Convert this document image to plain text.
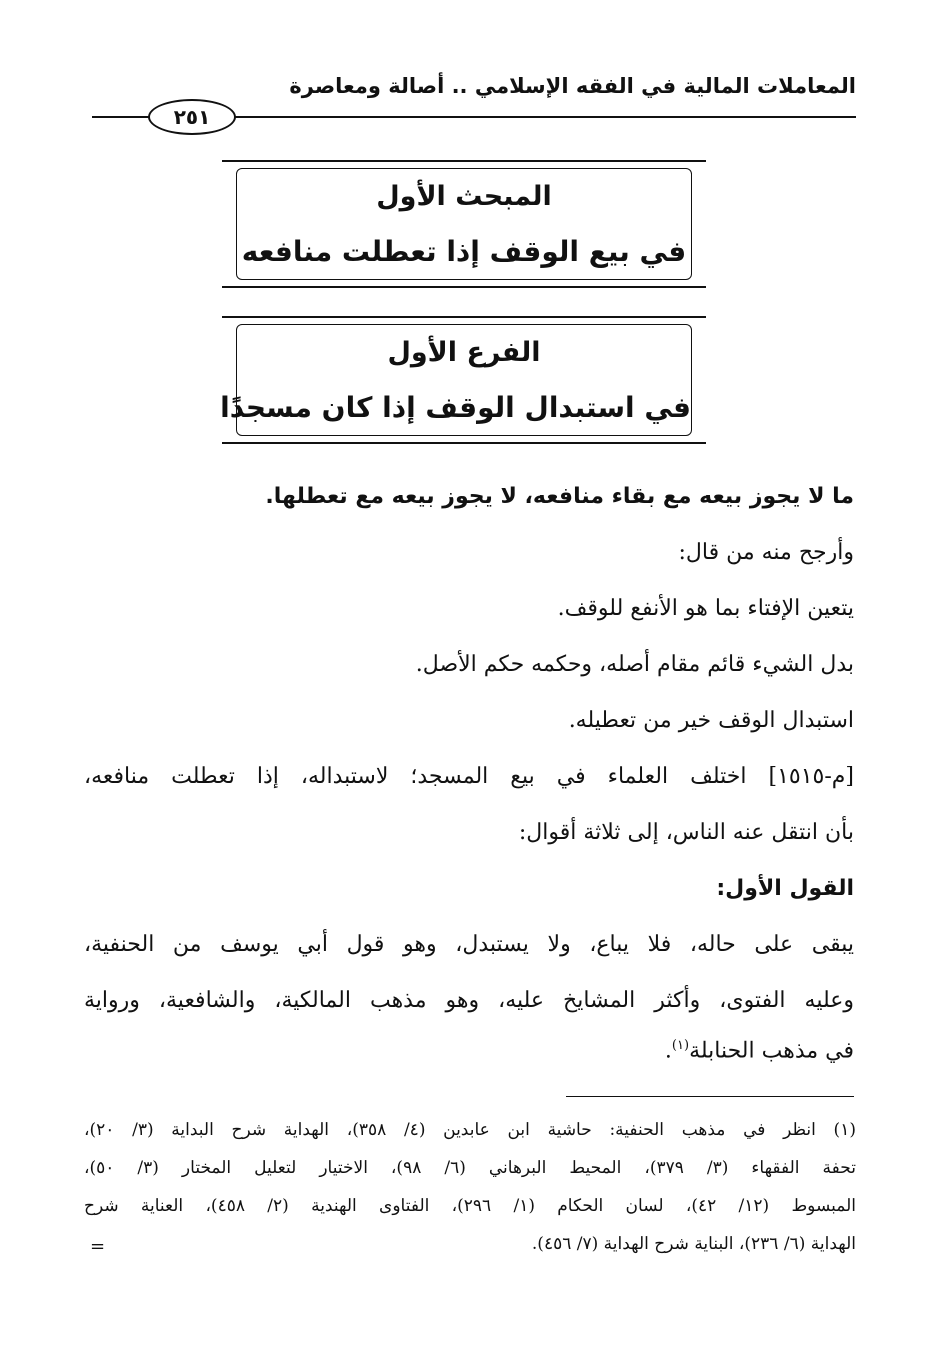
المعاملات المالية في الفقه الإسلامي .. أصالة ومعاصرة
٢٥١
المبحث الأول
في بيع الوقف إذا تعطلت منافعه
الفرع الأول
في استبدال الوقف إذا كان مسجدًا
ما لا يجوز بيعه مع بقاء منافعه، لا يجوز بيعه مع تعطلها.
وأرجح منه من قال:
يتعين الإفتاء بما هو الأنفع للوقف.
بدل الشيء قائم مقام أصله، وحكمه حكم الأصل.
استبدال الوقف خير من تعطيله.
[م-١٥١٥] اختلف العلماء في بيع المسجد؛ لاستبداله، إذا تعطلت منافعه،
بأن انتقل عنه الناس، إلى ثلاثة أقوال:
القول الأول:
يبقى على حاله، فلا يباع، ولا يستبدل، وهو قول أبي يوسف من الحنفية،
وعليه الفتوى، وأكثر المشايخ عليه، وهو مذهب المالكية، والشافعية، ورواية
في مذهب الحنابلة$^{(١)}$.
(١) انظر في مذهب الحنفية: حاشية ابن عابدين (٤/ ٣٥٨)، الهداية شرح البداية (٣/ ٢٠)،
تحفة الفقهاء (٣/ ٣٧٩)، المحيط البرهاني (٦/ ٩٨)، الاختيار لتعليل المختار (٣/ ٥٠)،
المبسوط (١٢/ ٤٢)، لسان الحكام (١/ ٢٩٦)، الفتاوى الهندية (٢/ ٤٥٨)، العناية شرح
الهداية (٦/ ٢٣٦)، البناية شرح الهداية (٧/ ٤٥٦).
=
